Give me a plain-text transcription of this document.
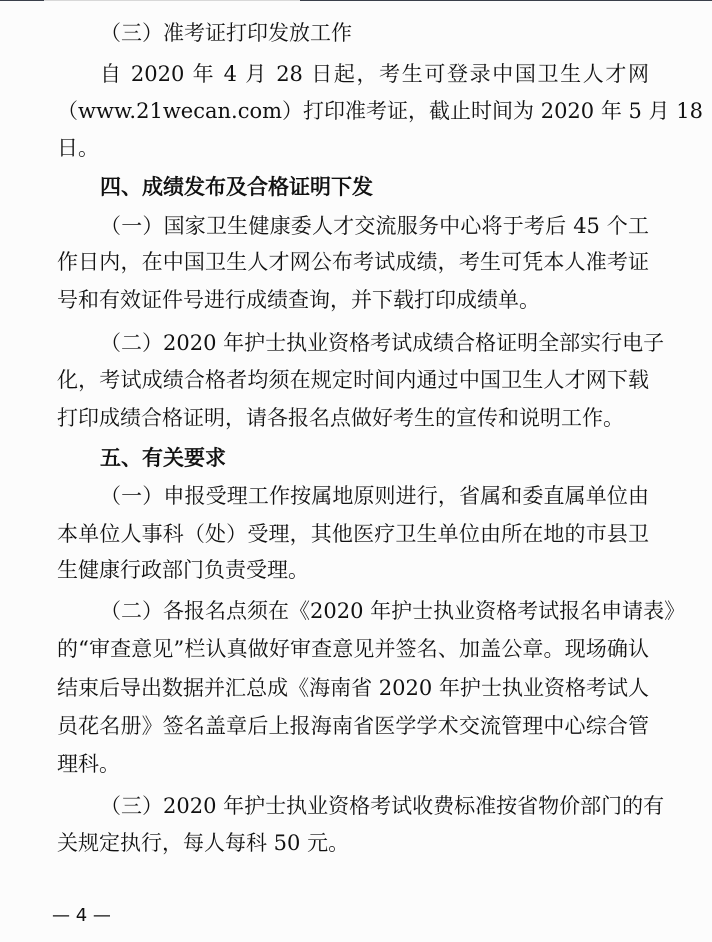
（三）准考证打印发放工作
自 2020 年 4 月 28 日起，考生可登录中国卫生人才网
（www.21wecan.com）打印准考证，截止时间为 2020 年 5 月 18
日。
四、成绩发布及合格证明下发
（一）国家卫生健康委人才交流服务中心将于考后 45 个工
作日内，在中国卫生人才网公布考试成绩，考生可凭本人准考证
号和有效证件号进行成绩查询，并下载打印成绩单。
（二）2020 年护士执业资格考试成绩合格证明全部实行电子
化，考试成绩合格者均须在规定时间内通过中国卫生人才网下载
打印成绩合格证明，请各报名点做好考生的宣传和说明工作。
五、有关要求
（一）申报受理工作按属地原则进行，省属和委直属单位由
本单位人事科（处）受理，其他医疗卫生单位由所在地的市县卫
生健康行政部门负责受理。
（二）各报名点须在《2020 年护士执业资格考试报名申请表》
的“审查意见”栏认真做好审查意见并签名、加盖公章。现场确认
结束后导出数据并汇总成《海南省 2020 年护士执业资格考试人
员花名册》签名盖章后上报海南省医学学术交流管理中心综合管
理科。
（三）2020 年护士执业资格考试收费标准按省物价部门的有
关规定执行，每人每科 50 元。
— 4 —
